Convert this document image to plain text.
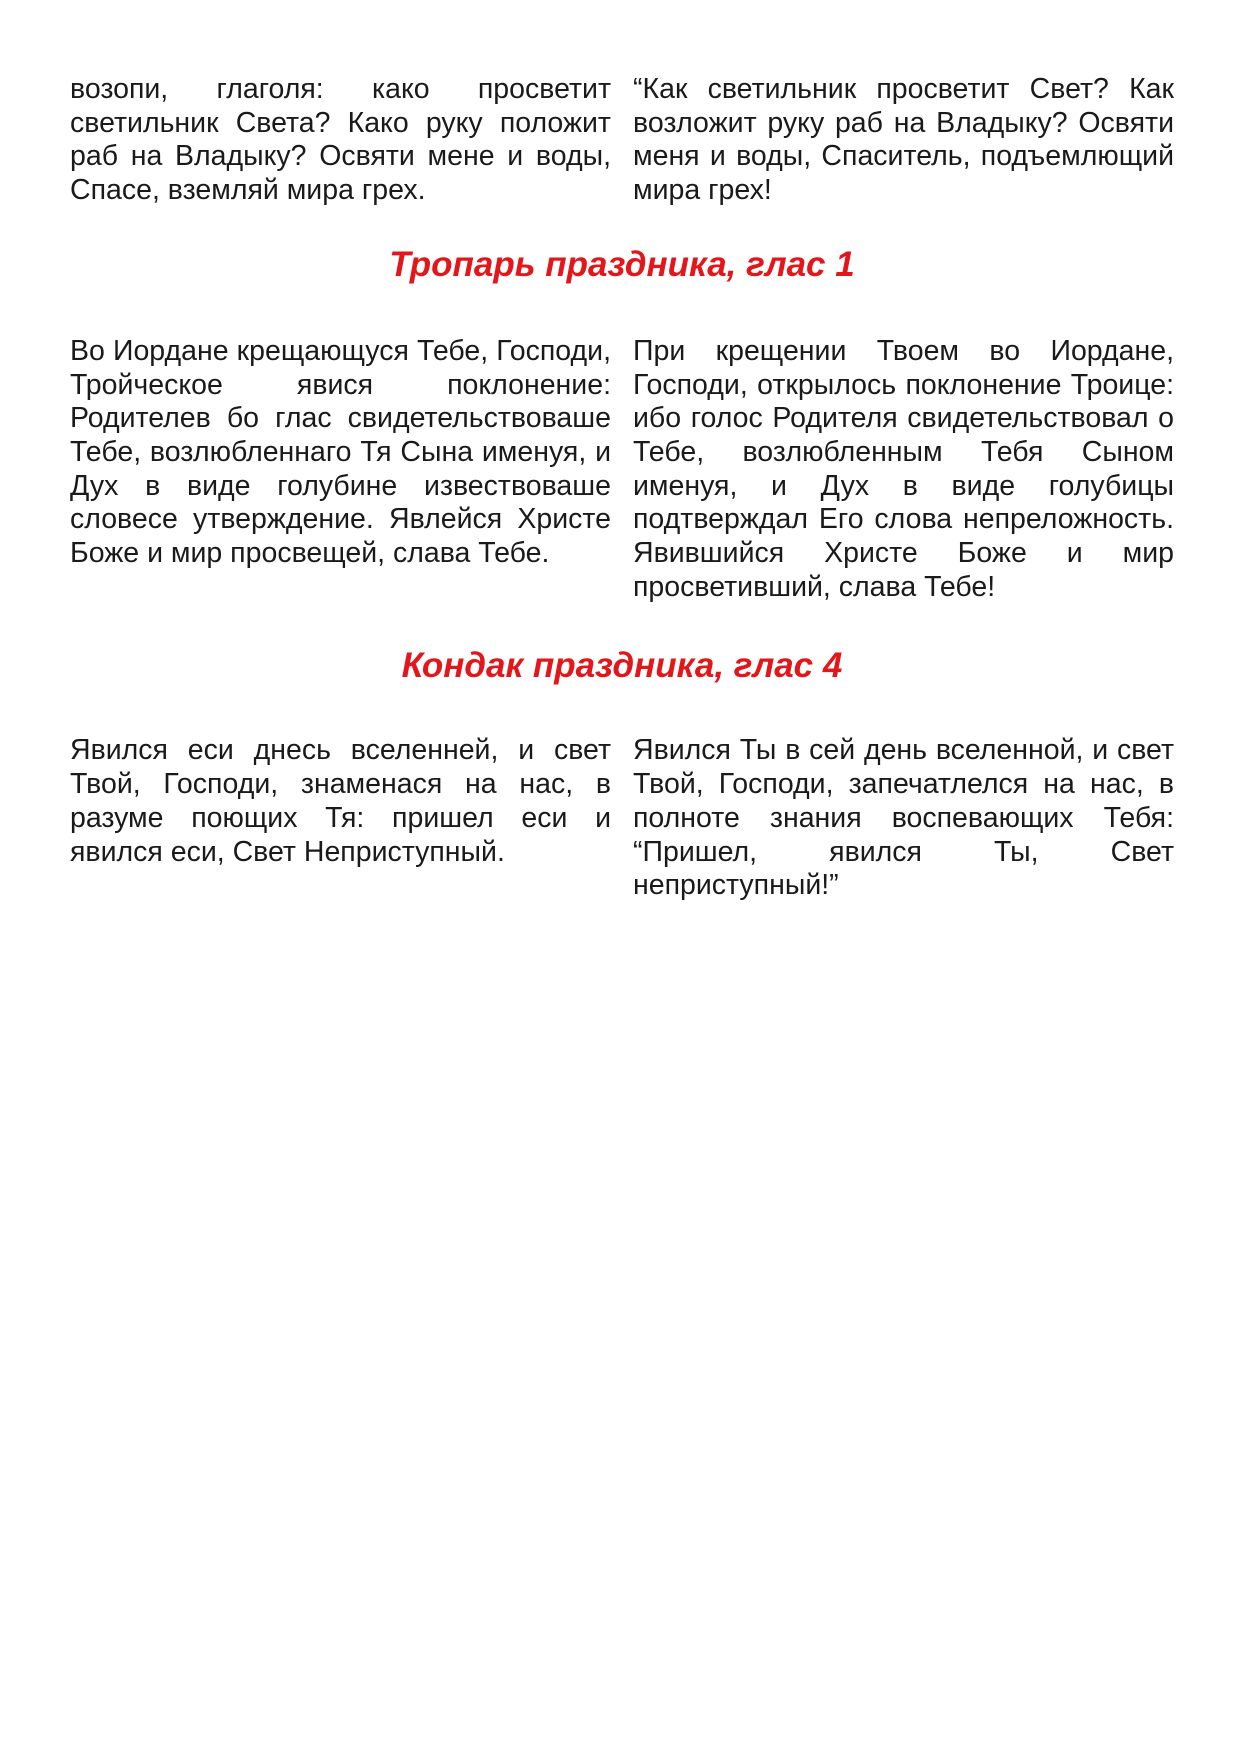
возопи, глаголя: како просветит светильник Света? Како руку положит раб на Владыку? Освяти мене и воды, Спасе, вземляй мира грех.
“Как светильник просветит Свет? Как возложит руку раб на Владыку? Освяти меня и воды, Спаситель, подъемлющий мира грех!
Тропарь праздника, глас 1
Во Иордане крещающуся Тебе, Господи, Тройческое явися поклонение: Родителев бо глас свидетельствоваше Тебе, возлюбленнаго Тя Сына именуя, и Дух в виде голубине извествоваше словесе утверждение. Явлейся Христе Боже и мир просвещей, слава Тебе.
При крещении Твоем во Иордане, Господи, открылось поклонение Троице: ибо голос Родителя свидетельствовал о Тебе, возлюбленным Тебя Сыном именуя, и Дух в виде голубицы подтверждал Его слова непреложность. Явившийся Христе Боже и мир просветивший, слава Тебе!
Кондак праздника, глас 4
Явился еси днесь вселенней, и свет Твой, Господи, знаменася на нас, в разуме поющих Тя: пришел еси и явился еси, Свет Неприступный.
Явился Ты в сей день вселенной, и свет Твой, Господи, запечатлелся на нас, в полноте знания воспевающих Тебя: “Пришел, явился Ты, Свет неприступный!”
